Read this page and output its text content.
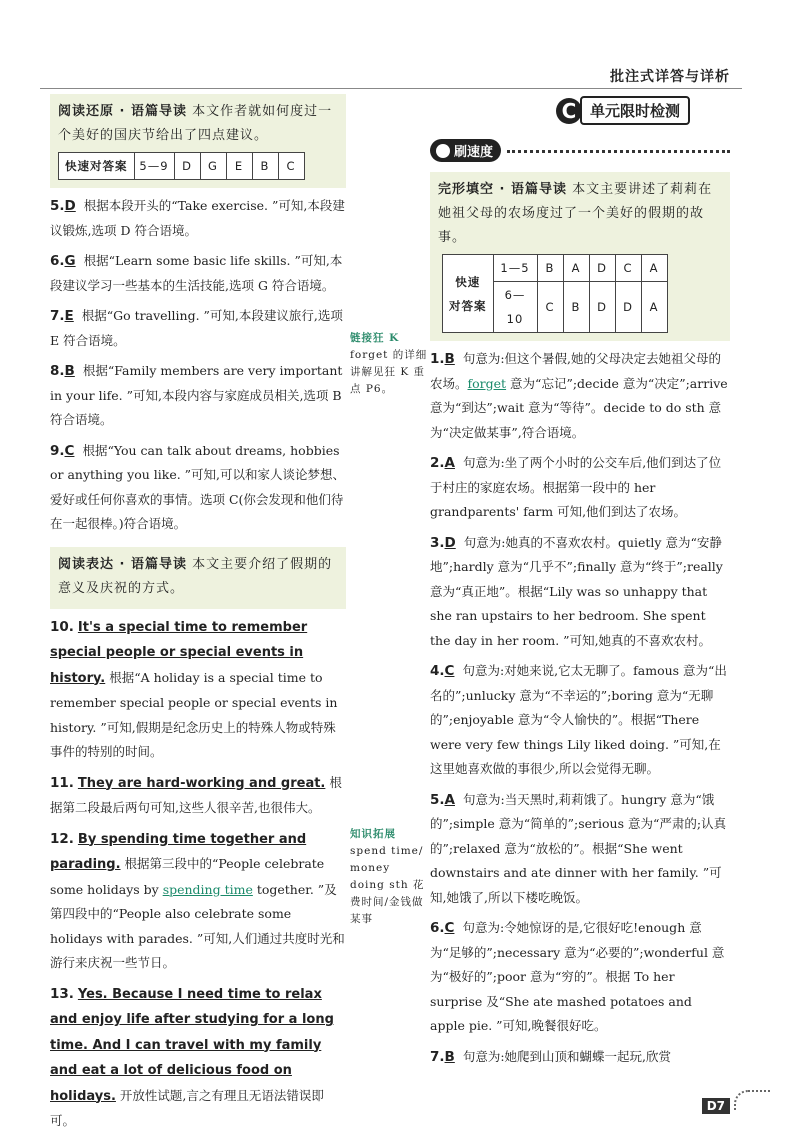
批注式详答与详析
阅读还原 · 语篇导读 本文作者就如何度过一个美好的国庆节给出了四点建议。
快速对答案	5—9	D	G	E	B	C
5.D 根据本段开头的“Take exercise. ”可知,本段建议锻炼,选项 D 符合语境。
6.G 根据“Learn some basic life skills. ”可知,本段建议学习一些基本的生活技能,选项 G 符合语境。
7.E 根据“Go travelling. ”可知,本段建议旅行,选项 E 符合语境。
8.B 根据“Family members are very important in your life. ”可知,本段内容与家庭成员相关,选项 B 符合语境。
9.C 根据“You can talk about dreams, hobbies or anything you like. ”可知,可以和家人谈论梦想、爱好或任何你喜欢的事情。选项 C(你会发现和他们待在一起很棒。)符合语境。
阅读表达 · 语篇导读 本文主要介绍了假期的意义及庆祝的方式。
10. It's a special time to remember special people or special events in history. 根据“A holiday is a special time to remember special people or special events in history. ”可知,假期是纪念历史上的特殊人物或特殊事件的特别的时间。
11. They are hard-working and great. 根据第二段最后两句可知,这些人很辛苦,也很伟大。
12. By spending time together and parading. 根据第三段中的“People celebrate some holidays by spending time together. ”及第四段中的“People also celebrate some holidays with parades. ”可知,人们通过共度时光和游行来庆祝一些节日。
13. Yes. Because I need time to relax and enjoy life after studying for a long time. And I can travel with my family and eat a lot of delicious food on holidays. 开放性试题,言之有理且无语法错误即可。
链接狂 K
forget 的详细讲解见狂 K 重点 P6。
知识拓展
spend time/ money doing sth 花费时间/金钱做某事
C 单元限时检测
刷速度
完形填空 · 语篇导读 本文主要讲述了莉莉在她祖父母的农场度过了一个美好的假期的故事。
快速
对答案	1—5	B	A	D	C	A
	6—10	C	B	D	D	A
1.B 句意为:但这个暑假,她的父母决定去她祖父母的农场。forget 意为“忘记”;decide 意为“决定”;arrive 意为“到达”;wait 意为“等待”。decide to do sth 意为“决定做某事”,符合语境。
2.A 句意为:坐了两个小时的公交车后,他们到达了位于村庄的家庭农场。根据第一段中的 her grandparents' farm 可知,他们到达了农场。
3.D 句意为:她真的不喜欢农村。quietly 意为“安静地”;hardly 意为“几乎不”;finally 意为“终于”;really 意为“真正地”。根据“Lily was so unhappy that she ran upstairs to her bedroom. She spent the day in her room. ”可知,她真的不喜欢农村。
4.C 句意为:对她来说,它太无聊了。famous 意为“出名的”;unlucky 意为“不幸运的”;boring 意为“无聊的”;enjoyable 意为“令人愉快的”。根据“There were very few things Lily liked doing. ”可知,在这里她喜欢做的事很少,所以会觉得无聊。
5.A 句意为:当天黑时,莉莉饿了。hungry 意为“饿的”;simple 意为“简单的”;serious 意为“严肃的;认真的”;relaxed 意为“放松的”。根据“She went downstairs and ate dinner with her family. ”可知,她饿了,所以下楼吃晚饭。
6.C 句意为:令她惊讶的是,它很好吃!enough 意为“足够的”;necessary 意为“必要的”;wonderful 意为“极好的”;poor 意为“穷的”。根据 To her surprise 及“She ate mashed potatoes and apple pie. ”可知,晚餐很好吃。
7.B 句意为:她爬到山顶和蝴蝶一起玩,欣赏
D7
